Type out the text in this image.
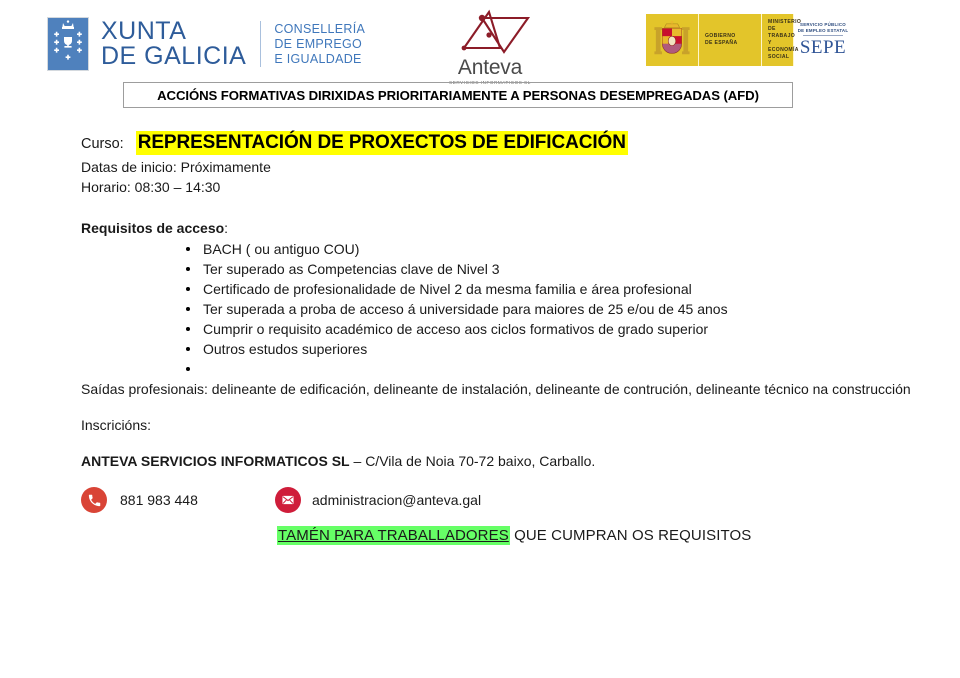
XUNTA
DE GALICIA
CONSELLERÍA
DE EMPREGO
E IGUALDADE	Anteva
SERVICIOS INFORMATICOS SL
GOBIERNO
DE ESPAÑA
MINISTERIO
DE TRABAJO
Y ECONOMÍA SOCIAL
SERVICIO PÚBLICO
DE EMPLEO ESTATAL
SEPE
ACCIÓNS FORMATIVAS DIRIXIDAS PRIORITARIAMENTE A PERSONAS DESEMPREGADAS (AFD)
Curso: REPRESENTACIÓN DE PROXECTOS DE EDIFICACIÓN
Datas de inicio: Próximamente
Horario: 08:30 – 14:30
Requisitos de acceso:
BACH ( ou antiguo COU)
Ter superado as Competencias clave de Nivel 3
Certificado de profesionalidade de Nivel 2 da mesma familia e área profesional
Ter superada a proba de acceso á universidade para maiores de 25 e/ou de 45 anos
Cumprir o requisito académico de acceso aos ciclos formativos de grado superior
Outros estudos superiores
Saídas profesionais: delineante de edificación, delineante de instalación, delineante de contrución, delineante técnico na construcción
Inscricións:
ANTEVA SERVICIOS INFORMATICOS SL – C/Vila de Noia 70-72 baixo, Carballo.
881 983 448	administracion@anteva.gal
TAMÉN PARA TRABALLADORES QUE CUMPRAN OS REQUISITOS
